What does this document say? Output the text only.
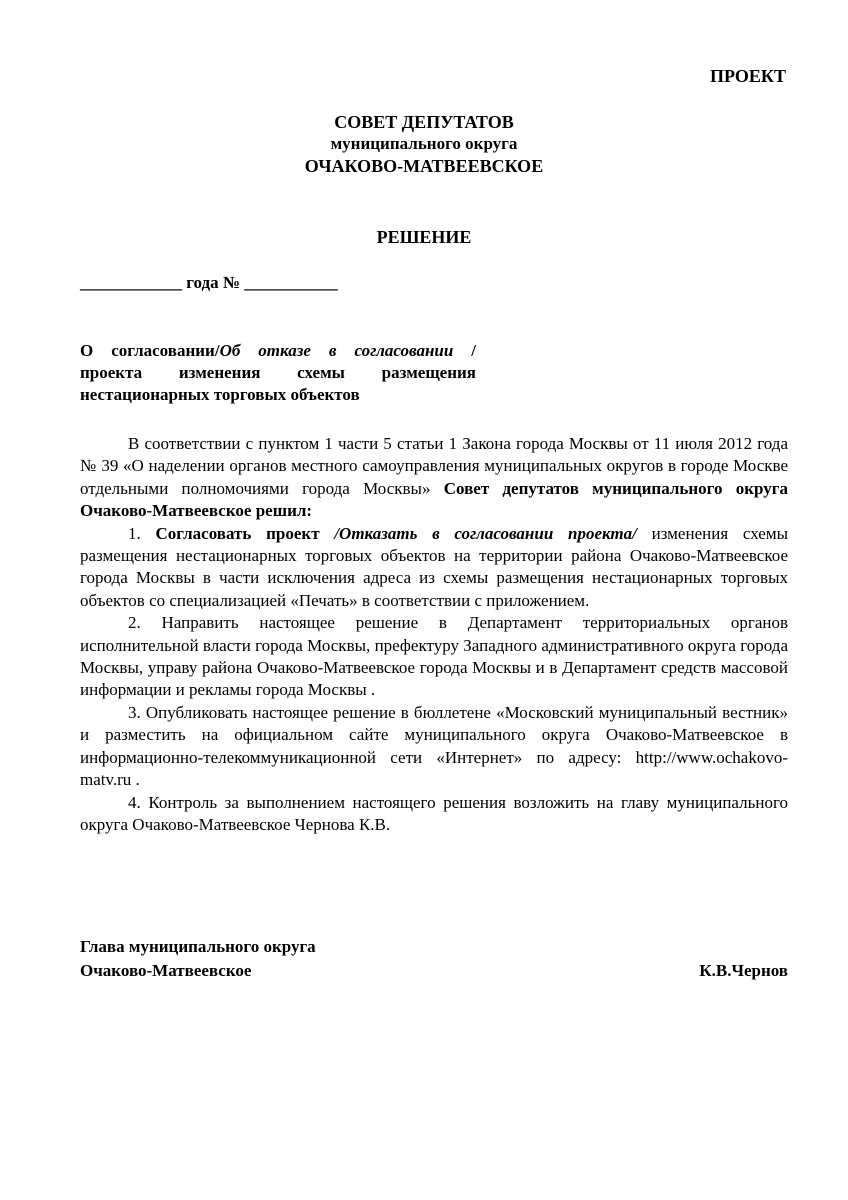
ПРОЕКТ
СОВЕТ ДЕПУТАТОВ
муниципального округа
ОЧАКОВО-МАТВЕЕВСКОЕ
РЕШЕНИЕ
____________ года № ___________
О согласовании/Об отказе в согласовании /
проекта изменения схемы размещения
нестационарных торговых объектов

В соответствии с пунктом 1 части 5 статьи 1 Закона города Москвы от 11 июля 2012 года № 39 «О наделении органов местного самоуправления муниципальных округов в городе Москве отдельными полномочиями города Москвы» Совет депутатов муниципального округа Очаково-Матвеевское решил:

1. Согласовать проект /Отказать в согласовании проекта/ изменения схемы размещения нестационарных торговых объектов на территории района Очаково-Матвеевское города Москвы в части исключения адреса из схемы размещения нестационарных торговых объектов со специализацией «Печать» в соответствии с приложением.

2. Направить настоящее решение в Департамент территориальных органов исполнительной власти города Москвы, префектуру Западного административного округа города Москвы, управу района Очаково-Матвеевское города Москвы и в Департамент средств массовой информации и рекламы города Москвы .

3. Опубликовать настоящее решение в бюллетене «Московский муниципальный вестник» и разместить на официальном сайте муниципального округа Очаково-Матвеевское в информационно-телекоммуникационной сети «Интернет» по адресу: http://www.ochakovo-matv.ru .

4. Контроль за выполнением настоящего решения возложить на главу муниципального округа Очаково-Матвеевское Чернова К.В.

Глава муниципального округа
Очаково-Матвеевское	К.В.Чернов
